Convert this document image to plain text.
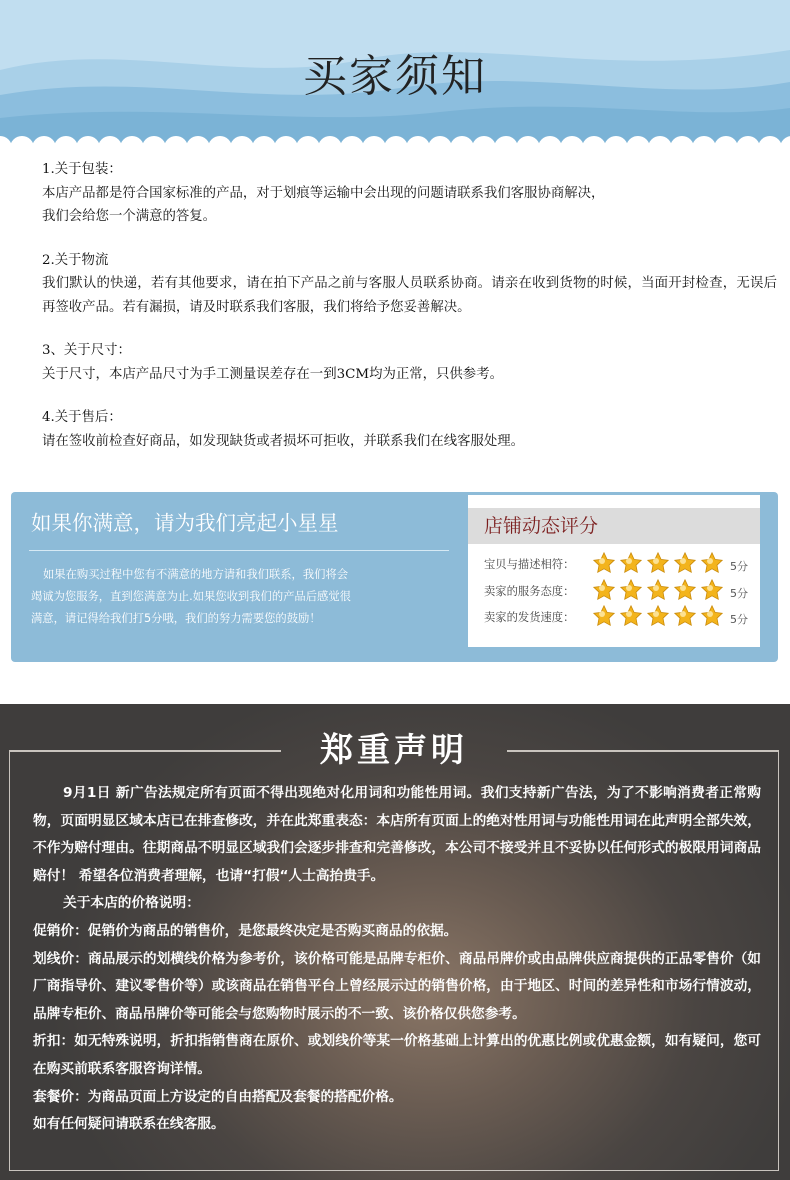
买家须知
1.关于包装：
本店产品都是符合国家标准的产品，对于划痕等运输中会出现的问题请联系我们客服协商解决，
我们会给您一个满意的答复。
2.关于物流
我们默认的快递，若有其他要求，请在拍下产品之前与客服人员联系协商。请亲在收到货物的时候，当面开封检查，无误后再签收产品。若有漏损，请及时联系我们客服，我们将给予您妥善解决。
3、关于尺寸：
关于尺寸，本店产品尺寸为手工测量误差存在一到3CM均为正常，只供参考。
4.关于售后：
请在签收前检查好商品，如发现缺货或者损坏可拒收，并联系我们在线客服处理。
如果你满意，请为我们亮起小星星
如果在购买过程中您有不满意的地方请和我们联系，我们将会
竭诚为您服务，直到您满意为止.如果您收到我们的产品后感觉很
满意，请记得给我们打5分哦，我们的努力需要您的鼓励！
店铺动态评分
宝贝与描述相符：	5分
卖家的服务态度：	5分
卖家的发货速度：	5分
郑重声明
9月1日 新广告法规定所有页面不得出现绝对化用词和功能性用词。我们支持新广告法，为了不影响消费者正常购物，页面明显区域本店已在排查修改，并在此郑重表态：本店所有页面上的绝对性用词与功能性用词在此声明全部失效，不作为赔付理由。往期商品不明显区域我们会逐步排查和完善修改，本公司不接受并且不妥协以任何形式的极限用词商品赔付！ 希望各位消费者理解，也请“打假“人士高抬贵手。
关于本店的价格说明：
促销价：促销价为商品的销售价，是您最终决定是否购买商品的依据。
划线价：商品展示的划横线价格为参考价，该价格可能是品牌专柜价、商品吊牌价或由品牌供应商提供的正品零售价（如厂商指导价、建议零售价等）或该商品在销售平台上曾经展示过的销售价格，由于地区、时间的差异性和市场行情波动，品牌专柜价、商品吊牌价等可能会与您购物时展示的不一致、该价格仅供您参考。
折扣：如无特殊说明，折扣指销售商在原价、或划线价等某一价格基础上计算出的优惠比例或优惠金额，如有疑问，您可在购买前联系客服咨询详情。
套餐价：为商品页面上方设定的自由搭配及套餐的搭配价格。
如有任何疑问请联系在线客服。
